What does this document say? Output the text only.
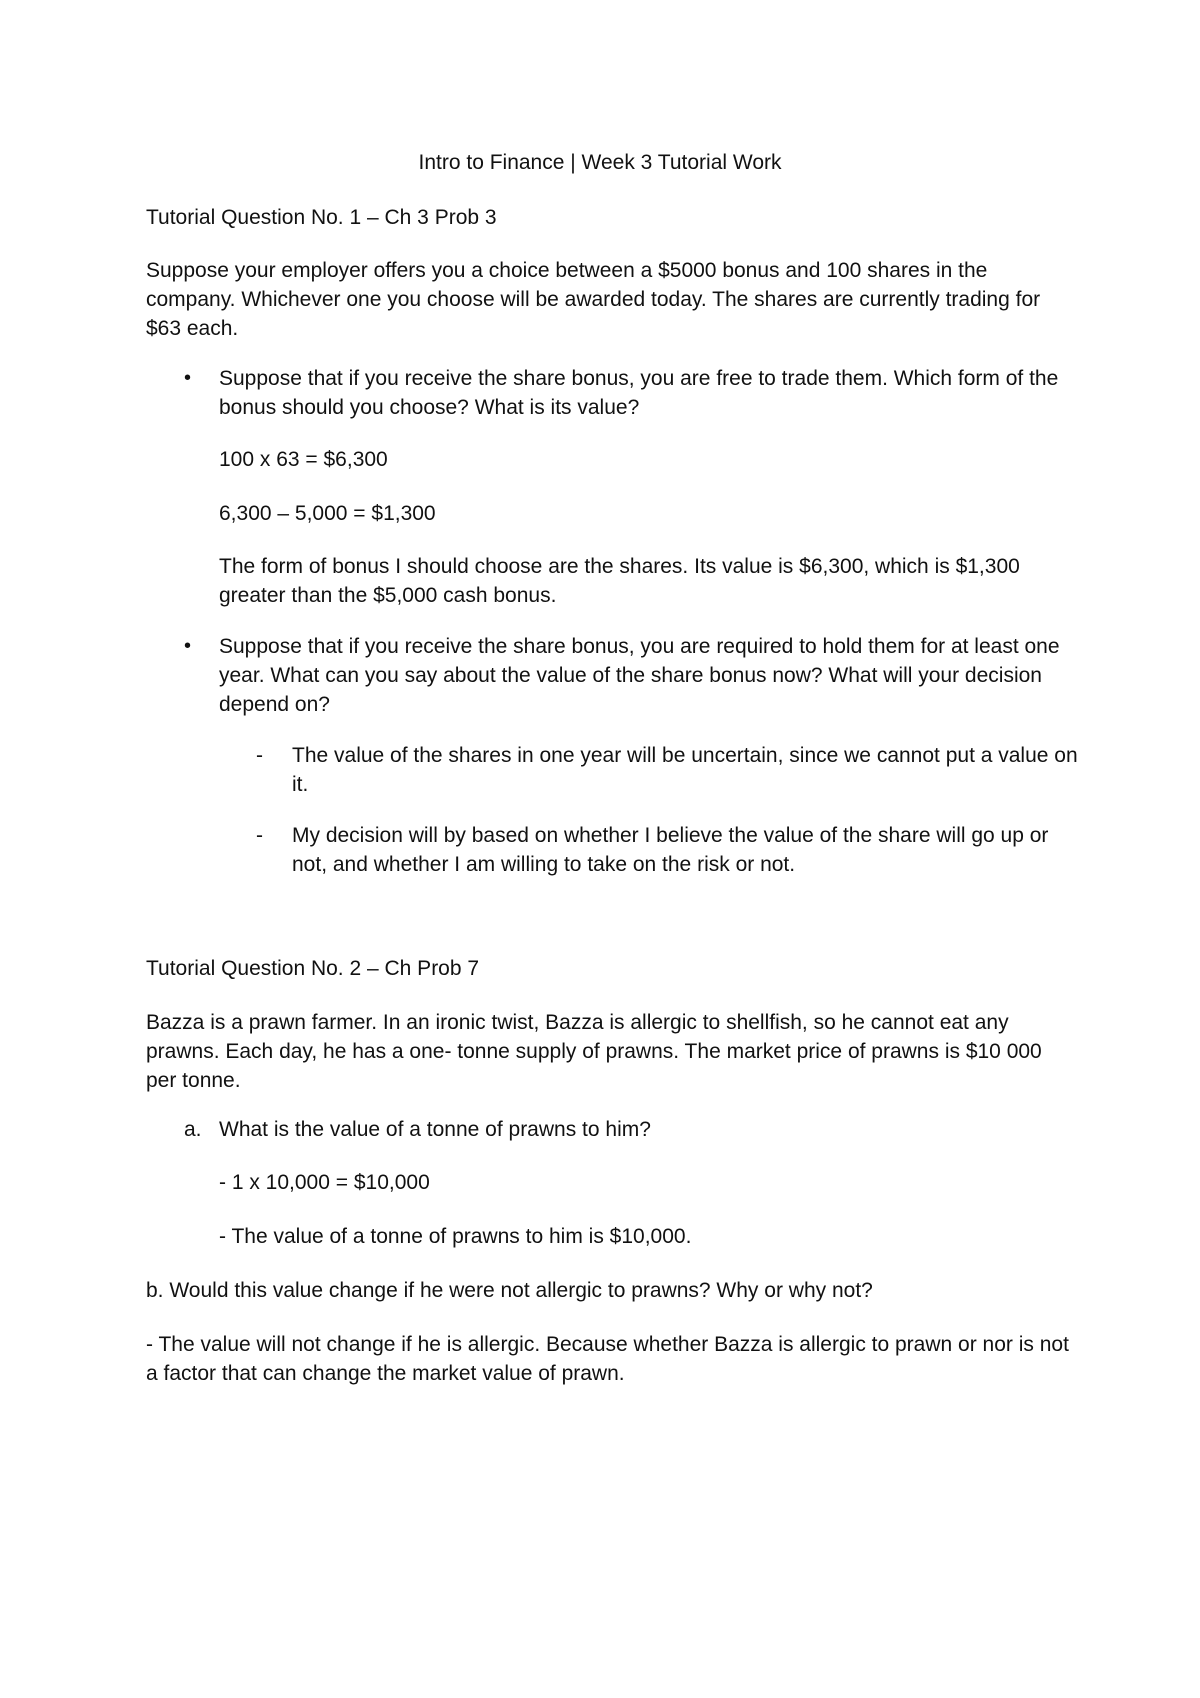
Intro to Finance | Week 3 Tutorial Work

Tutorial Question No. 1 – Ch 3 Prob 3

Suppose your employer offers you a choice between a $5000 bonus and 100 shares in the company. Whichever one you choose will be awarded today. The shares are currently trading for $63 each.

• Suppose that if you receive the share bonus, you are free to trade them. Which form of the bonus should you choose? What is its value?

100 x 63 = $6,300

6,300 – 5,000 = $1,300

The form of bonus I should choose are the shares. Its value is $6,300, which is $1,300 greater than the $5,000 cash bonus.

• Suppose that if you receive the share bonus, you are required to hold them for at least one year. What can you say about the value of the share bonus now? What will your decision depend on?

- The value of the shares in one year will be uncertain, since we cannot put a value on it.

- My decision will by based on whether I believe the value of the share will go up or not, and whether I am willing to take on the risk or not.

Tutorial Question No. 2 – Ch Prob 7

Bazza is a prawn farmer. In an ironic twist, Bazza is allergic to shellfish, so he cannot eat any prawns. Each day, he has a one- tonne supply of prawns. The market price of prawns is $10 000 per tonne.

a. What is the value of a tonne of prawns to him?

- 1 x 10,000 = $10,000

- The value of a tonne of prawns to him is $10,000.

b. Would this value change if he were not allergic to prawns? Why or why not?

- The value will not change if he is allergic. Because whether Bazza is allergic to prawn or nor is not a factor that can change the market value of prawn.
